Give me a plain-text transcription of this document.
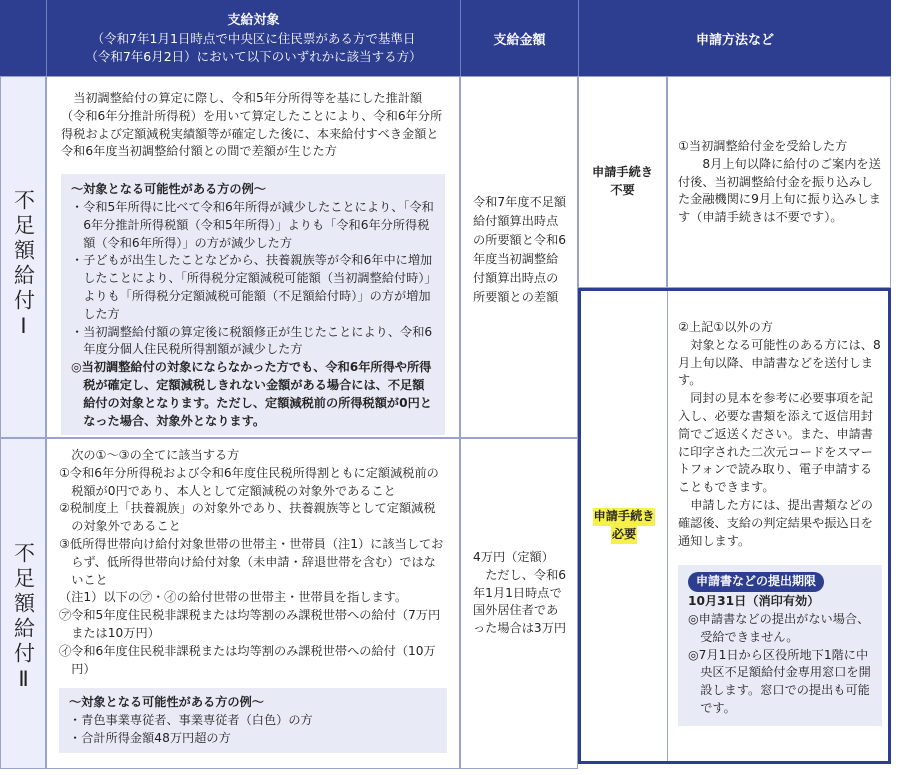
支給対象
（令和7年1月1日時点で中央区に住民票がある方で基準日
（令和7年6月2日）において以下のいずれかに該当する方）
支給金額	申請方法など
不足額給付Ⅰ
不足額給付Ⅱ

当初調整給付の算定に際し、令和5年分所得等を基にした推計額（令和6年分推計所得税）を用いて算定したことにより、令和6年分所得税および定額減税実績額等が確定した後に、本来給付すべき金額と令和6年度当初調整給付額との間で差額が生じた方

～対象となる可能性がある方の例～

・令和5年所得に比べて令和6年所得が減少したことにより、「令和6年分推計所得税額（令和5年所得）」よりも「令和6年分所得税額（令和6年所得）」の方が減少した方

・子どもが出生したことなどから、扶養親族等が令和6年中に増加したことにより、「所得税分定額減税可能額（当初調整給付時）」よりも「所得税分定額減税可能額（不足額給付時）」の方が増加した方

・当初調整給付額の算定後に税額修正が生じたことにより、令和6年度分個人住民税所得割額が減少した方

◎当初調整給付の対象にならなかった方でも、令和6年所得や所得税が確定し、定額減税しきれない金額がある場合には、不足額給付の対象となります。ただし、定額減税前の所得税額が0円となった場合、対象外となります。

令和7年度不足額給付額算出時点の所要額と令和6年度当初調整給付額算出時点の所要額との差額
次の①～③の全てに該当する方

①令和6年分所得税および令和6年度住民税所得割ともに定額減税前の税額が0円であり、本人として定額減税の対象外であること

②税制度上「扶養親族」の対象外であり、扶養親族等として定額減税の対象外であること

③低所得世帯向け給付対象世帯の世帯主・世帯員（注1）に該当しておらず、低所得世帯向け給付対象（未申請・辞退世帯を含む）ではないこと

（注1）以下の㋐・㋑の給付世帯の世帯主・世帯員を指します。

㋐令和5年度住民税非課税または均等割のみ課税世帯への給付（7万円または10万円）

㋑令和6年度住民税非課税または均等割のみ課税世帯への給付（10万円）

～対象となる可能性がある方の例～

・青色事業専従者、事業専従者（白色）の方

・合計所得金額48万円超の方

4万円（定額）
ただし、令和6年1月1日時点で国外居住者であった場合は3万円
申請手続き
不要
①当初調整給付金を受給した方
8月上旬以降に給付のご案内を送付後、当初調整給付金を振り込みした金融機関に9月上旬に振り込みします（申請手続きは不要です）。
申請手続き
必要
②上記①以外の方
対象となる可能性のある方には、8月上旬以降、申請書などを送付します。
同封の見本を参考に必要事項を記入し、必要な書類を添えて返信用封筒でご返送ください。また、申請書に印字された二次元コードをスマートフォンで読み取り、電子申請することもできます。
申請した方には、提出書類などの確認後、支給の判定結果や振込日を通知します。
申請書などの提出期限
10月31日（消印有効）

◎申請書などの提出がない場合、受給できません。

◎7月1日から区役所地下1階に中央区不足額給付金専用窓口を開設します。窓口での提出も可能です。
